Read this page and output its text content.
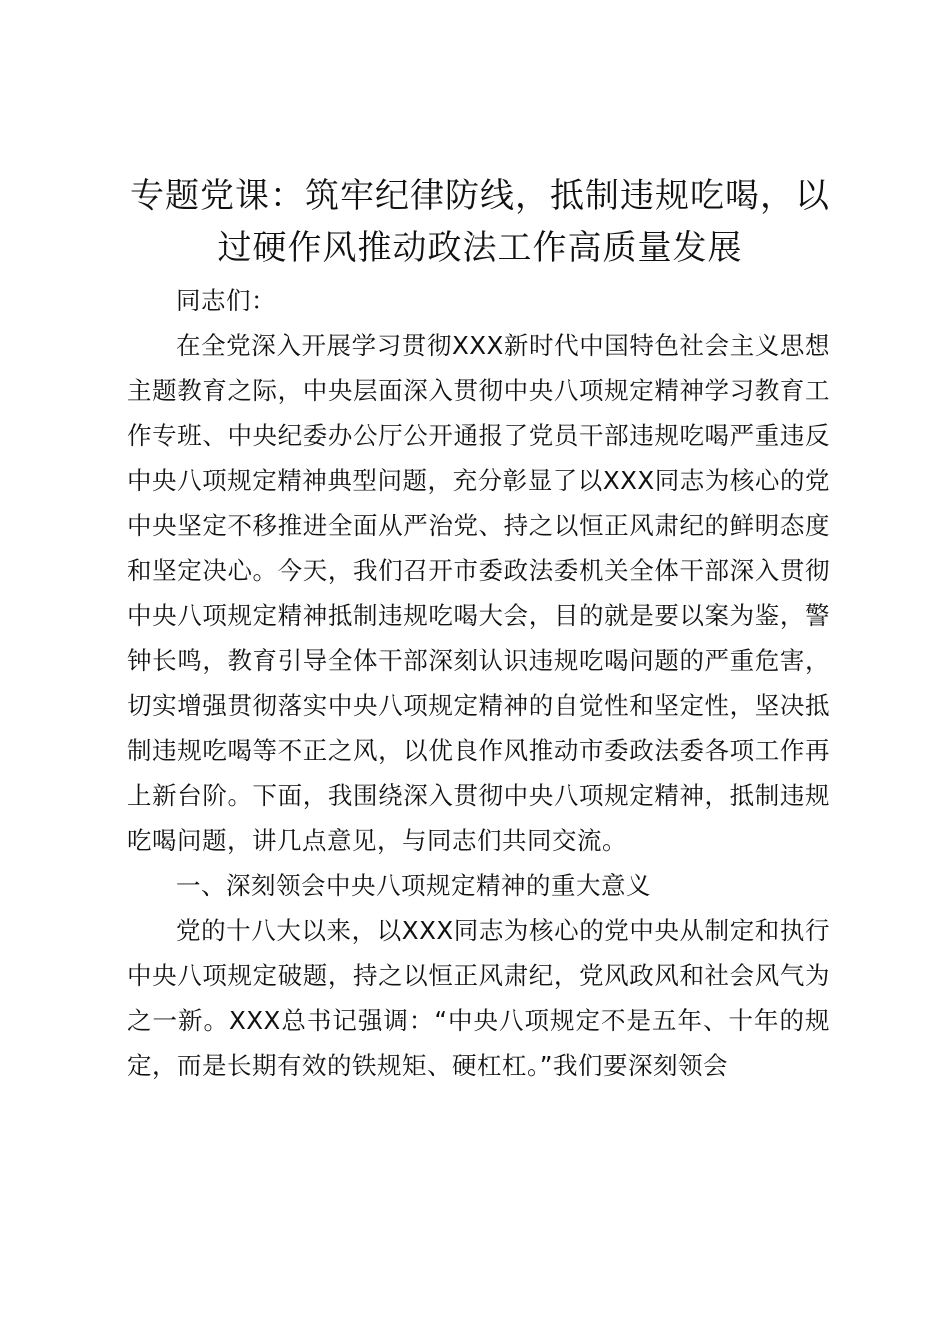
专题党课：筑牢纪律防线，抵制违规吃喝，以
过硬作风推动政法工作高质量发展

同志们：

在全党深入开展学习贯彻XXX新时代中国特色社会主义思想主题教育之际，中央层面深入贯彻中央八项规定精神学习教育工作专班、中央纪委办公厅公开通报了党员干部违规吃喝严重违反中央八项规定精神典型问题，充分彰显了以XXX同志为核心的党中央坚定不移推进全面从严治党、持之以恒正风肃纪的鲜明态度和坚定决心。今天，我们召开市委政法委机关全体干部深入贯彻中央八项规定精神抵制违规吃喝大会，目的就是要以案为鉴，警钟长鸣，教育引导全体干部深刻认识违规吃喝问题的严重危害，切实增强贯彻落实中央八项规定精神的自觉性和坚定性，坚决抵制违规吃喝等不正之风，以优良作风推动市委政法委各项工作再上新台阶。下面，我围绕深入贯彻中央八项规定精神，抵制违规吃喝问题，讲几点意见，与同志们共同交流。

一、深刻领会中央八项规定精神的重大意义

党的十八大以来，以XXX同志为核心的党中央从制定和执行中央八项规定破题，持之以恒正风肃纪，党风政风和社会风气为之一新。XXX总书记强调：“中央八项规定不是五年、十年的规定，而是长期有效的铁规矩、硬杠杠。”我们要深刻领会
